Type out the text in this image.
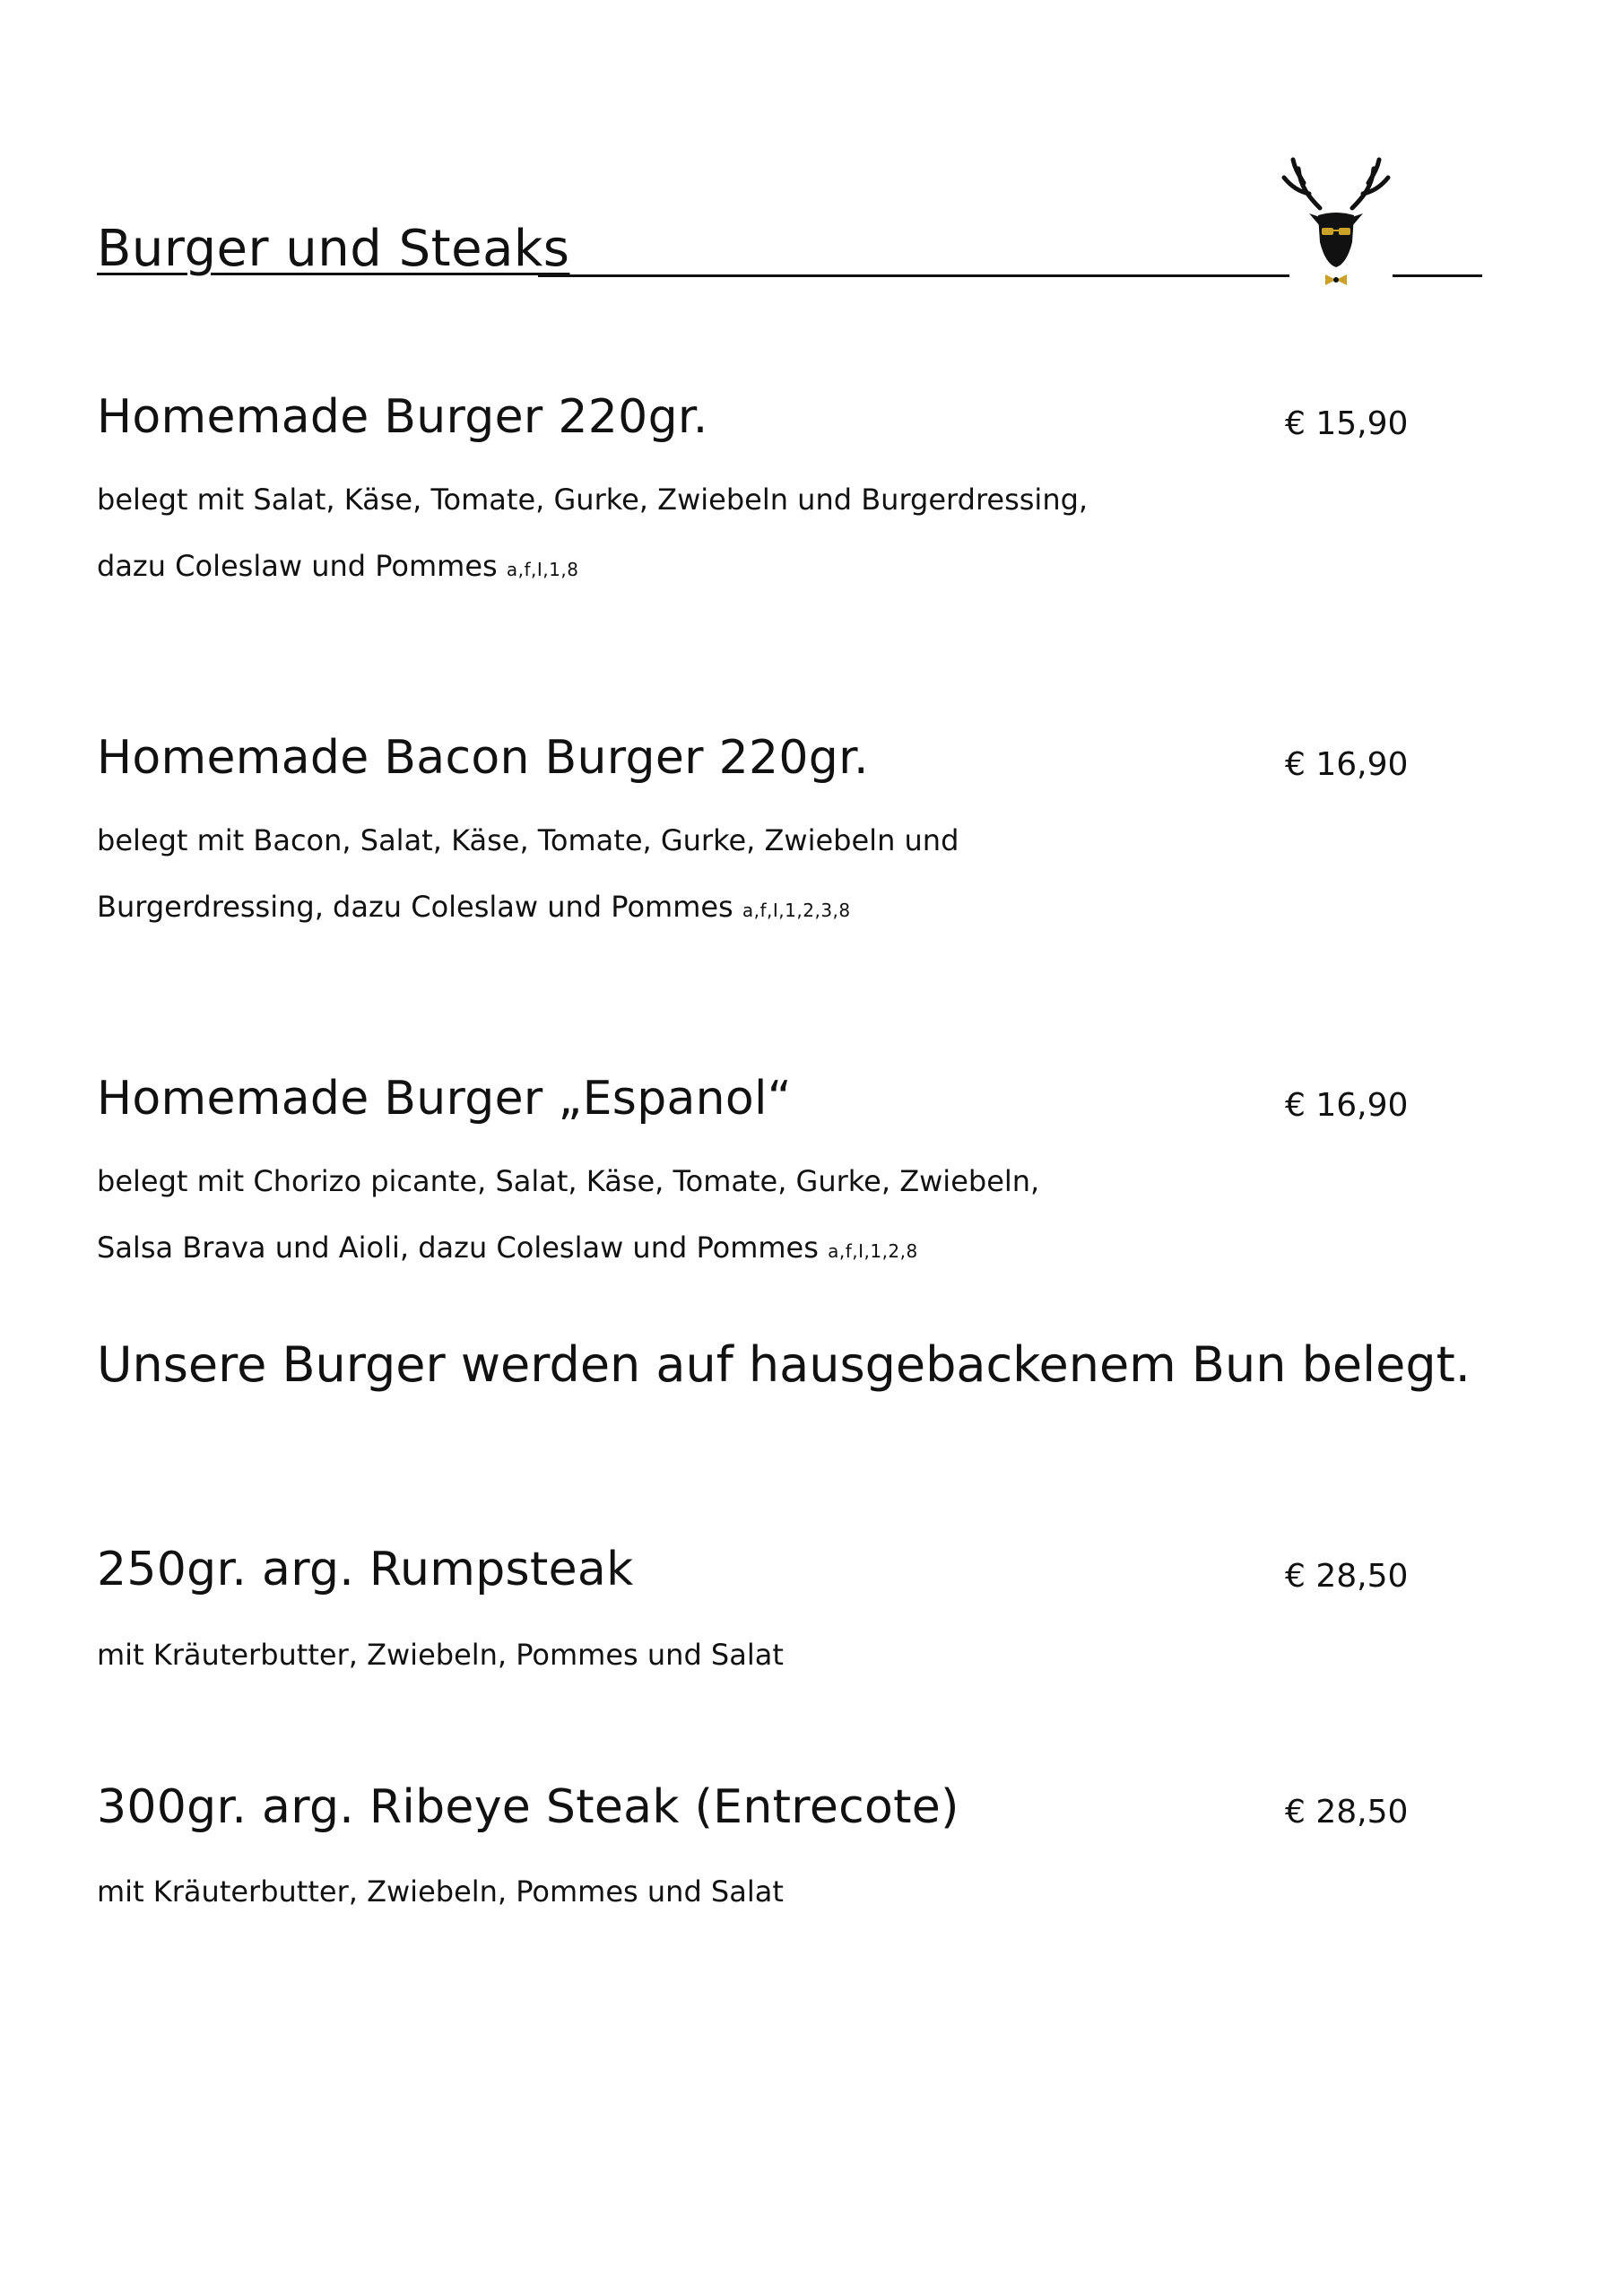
Burger und Steaks
Homemade Burger 220gr.	€ 15,90
belegt mit Salat, Käse, Tomate, Gurke, Zwiebeln und Burgerdressing,
dazu Coleslaw und Pommes a,f,I,1,8
Homemade Bacon Burger 220gr.	€ 16,90
belegt mit Bacon, Salat, Käse, Tomate, Gurke, Zwiebeln und
Burgerdressing, dazu Coleslaw und Pommes a,f,I,1,2,3,8
Homemade Burger „Espanol“	€ 16,90
belegt mit Chorizo picante, Salat, Käse, Tomate, Gurke, Zwiebeln,
Salsa Brava und Aioli, dazu Coleslaw und Pommes a,f,I,1,2,8
Unsere Burger werden auf hausgebackenem Bun belegt.
250gr. arg. Rumpsteak	€ 28,50
mit Kräuterbutter, Zwiebeln, Pommes und Salat
300gr. arg. Ribeye Steak (Entrecote)	€ 28,50
mit Kräuterbutter, Zwiebeln, Pommes und Salat
